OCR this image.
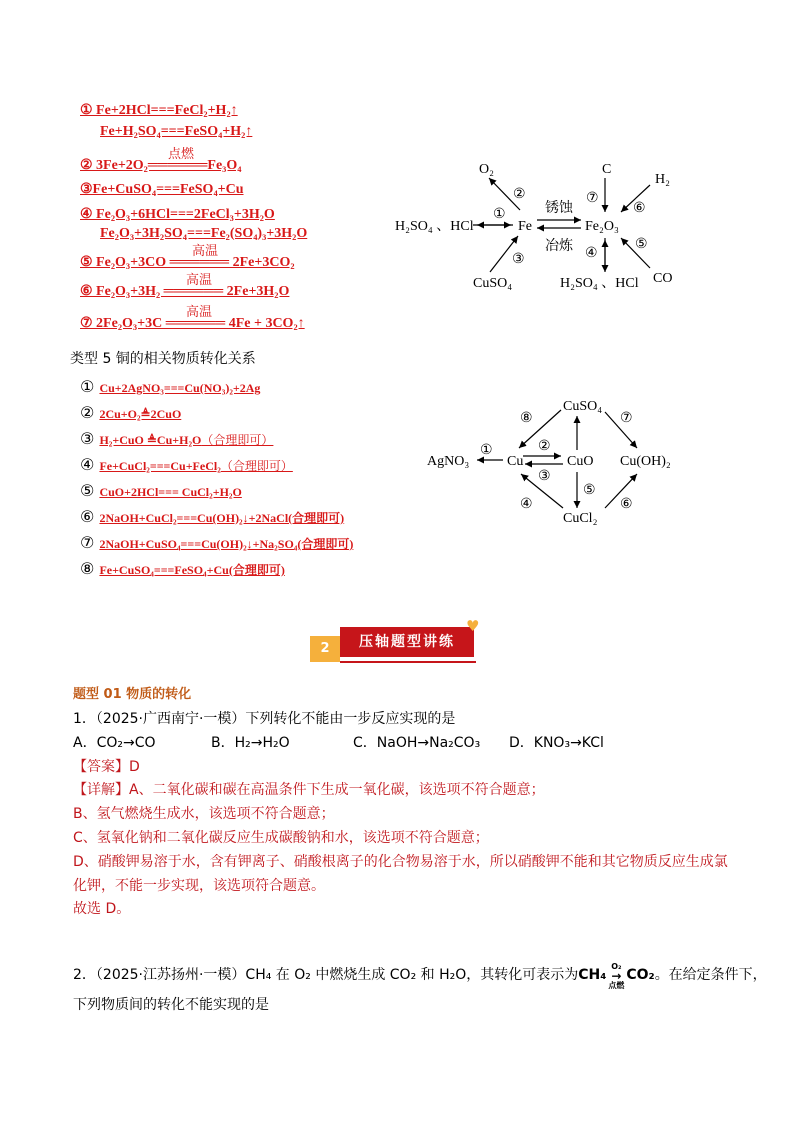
① Fe+2HCl===FeCl₂+H₂↑
Fe+H₂SO₄===FeSO₄+H₂↑
点燃
② 3Fe+2O₂══════Fe₃O₄
③Fe+CuSO₄===FeSO₄+Cu
④ Fe₂O₃+6HCl===2FeCl₃+3H₂O
Fe₂O₃+3H₂SO₄===Fe₂(SO₄)₃+3H₂O
高温
⑤ Fe₂O₃+3CO ══════ 2Fe+3CO₂
高温
⑥ Fe₂O₃+3H₂ ══════ 2Fe+3H₂O
高温
⑦ 2Fe₂O₃+3C ══════ 4Fe + 3CO₂↑
Fe	Fe₂O₃
O₂
H₂SO₄ 、HCl
CuSO₄
C
H₂
H₂SO₄ 、HCl CO
锈蚀
冶炼
①
②
③	④
⑤
⑥
⑦
类型 5 铜的相关物质转化关系
① Cu+2AgNO₃===Cu(NO₃)₂+2Ag
② 2Cu+O₂≜2CuO
③ H₂+CuO ≜Cu+H₂O（合理即可）
④ Fe+CuCl₂===Cu+FeCl₂（合理即可）
⑤ CuO+2HCl=== CuCl₂+H₂O
⑥ 2NaOH+CuCl₂===Cu(OH)₂↓+2NaCl(合理即可)
⑦ 2NaOH+CuSO₄===Cu(OH)₂↓+Na₂SO₄(合理即可)
⑧ Fe+CuSO₄===FeSO₄+Cu(合理即可)
CuSO₄
AgNO₃	Cu	CuO Cu(OH)₂
CuCl₂
①	②
③
④
⑤
⑥
⑦
⑧
2	压轴题型讲练
♥
题型 01 物质的转化
1．（2025·广西南宁·一模）下列转化不能由一步反应实现的是
A．CO₂→CO	B．H₂→H₂O	C．NaOH→Na₂CO₃	D．KNO₃→KCl
【答案】D
【详解】A、二氧化碳和碳在高温条件下生成一氧化碳，该选项不符合题意；
B、氢气燃烧生成水，该选项不符合题意；
C、氢氧化钠和二氧化碳反应生成碳酸钠和水，该选项不符合题意；
D、硝酸钾易溶于水，含有钾离子、硝酸根离子的化合物易溶于水，所以硝酸钾不能和其它物质反应生成氯
化钾，不能一步实现，该选项符合题意。
故选 D。
2．（2025·江苏扬州·一模）CH₄ 在 O₂ 中燃烧生成 CO₂ 和 H₂O，其转化可表示为 CH₄
O₂
→
点燃
CO₂ 。在给定条件下，
下列物质间的转化不能实现的是
